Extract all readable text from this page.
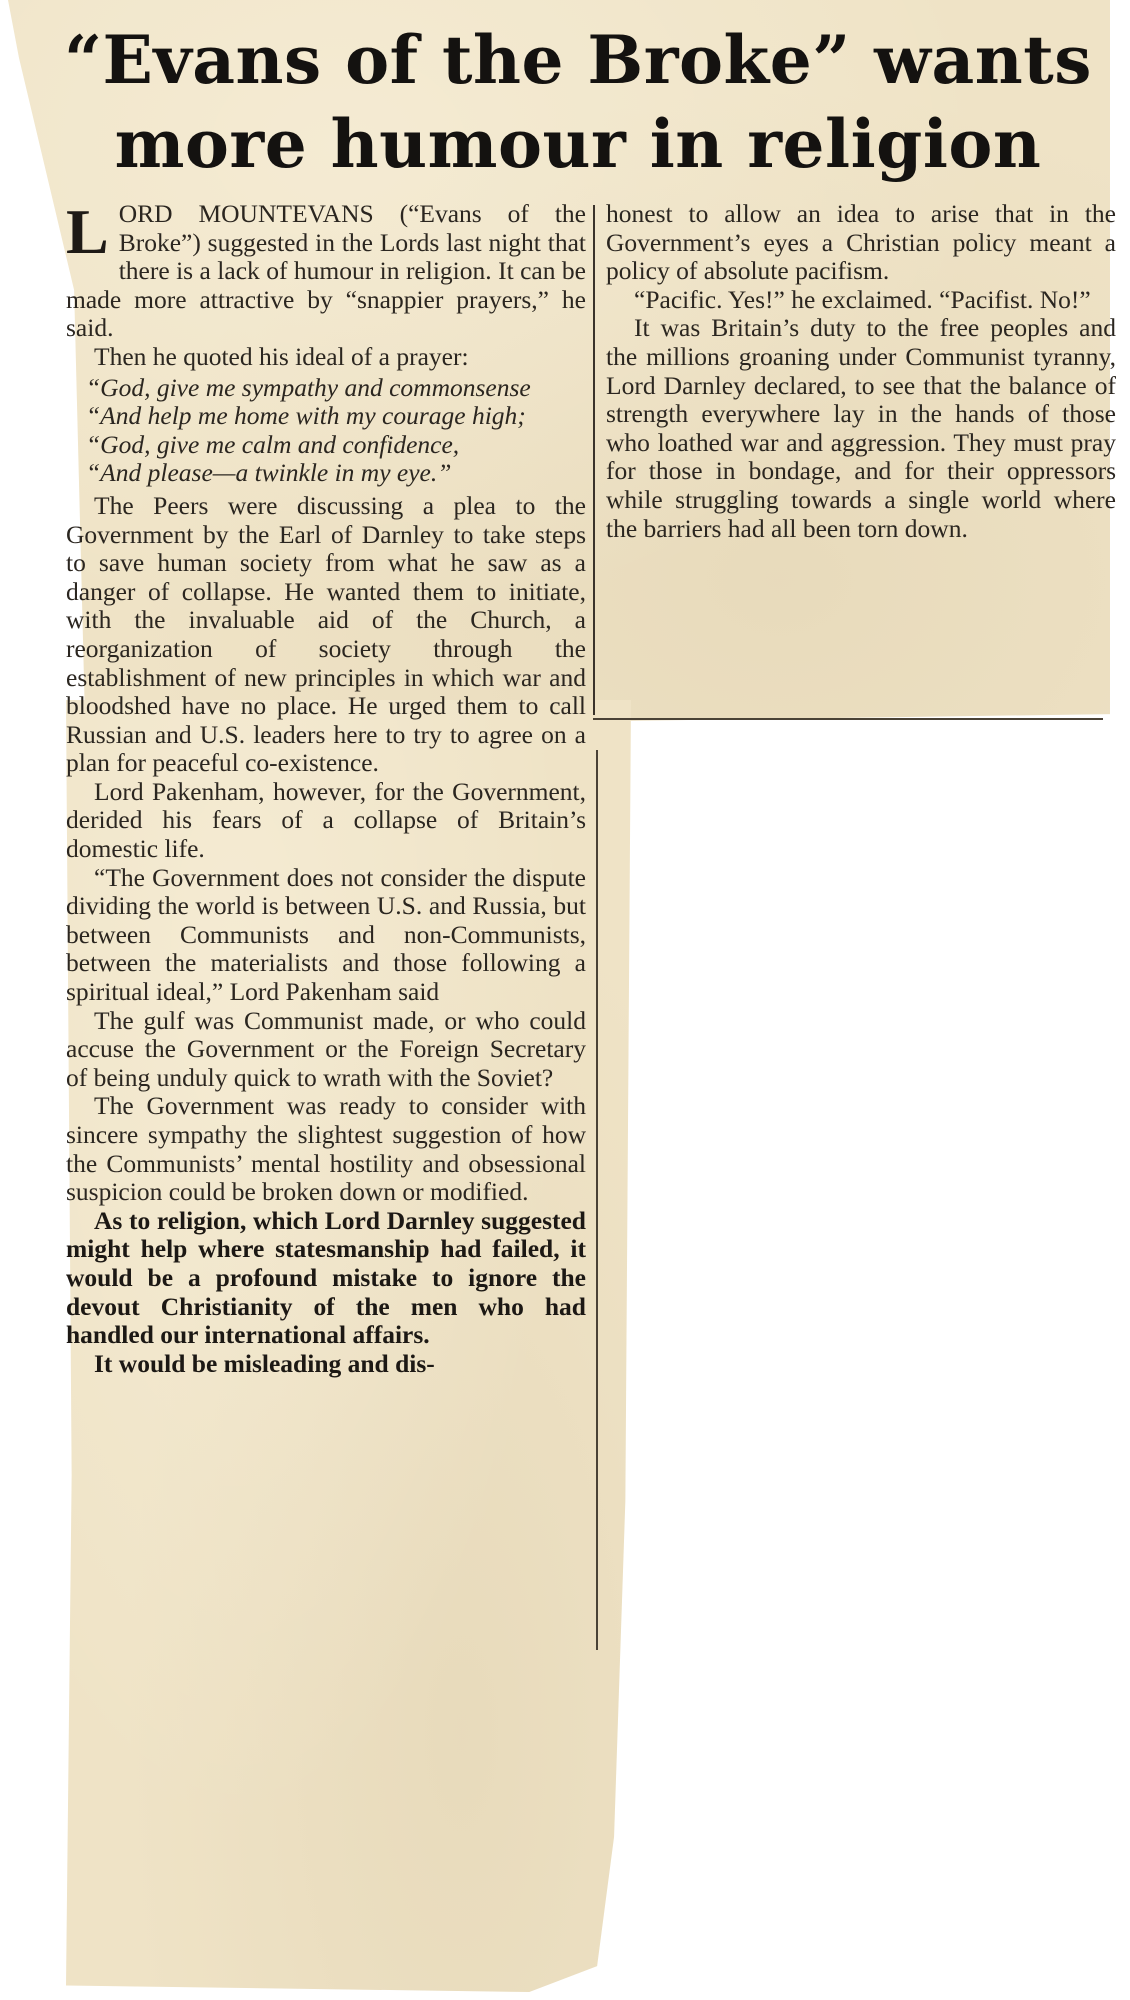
“Evans of the Broke” wants
more humour in religion

LORD MOUNTEVANS (“Evans of the Broke”) suggested in the Lords last night that there is a lack of humour in religion. It can be made more attractive by “snappier prayers,” he said.

Then he quoted his ideal of a prayer:

“God, give me sympathy and commonsense
“And help me home with my courage high;
“God, give me calm and confidence,
“And please—a twinkle in my eye.”

The Peers were discussing a plea to the Government by the Earl of Darnley to take steps to save human society from what he saw as a danger of collapse. He wanted them to initiate, with the invaluable aid of the Church, a reorganization of society through the establishment of new principles in which war and bloodshed have no place. He urged them to call Russian and U.S. leaders here to try to agree on a plan for peaceful co-existence.

Lord Pakenham, however, for the Government, derided his fears of a collapse of Britain’s domestic life.

“The Government does not consider the dispute dividing the world is between U.S. and Russia, but between Communists and non-Communists, between the materialists and those following a spiritual ideal,” Lord Pakenham said

The gulf was Communist made, or who could accuse the Government or the Foreign Secretary of being unduly quick to wrath with the Soviet?

The Government was ready to consider with sincere sympathy the slightest suggestion of how the Communists’ mental hostility and obsessional suspicion could be broken down or modified.

As to religion, which Lord Darnley suggested might help where statesmanship had failed, it would be a profound mistake to ignore the devout Christianity of the men who had handled our international affairs.

It would be misleading and dis-

honest to allow an idea to arise that in the Government’s eyes a Christian policy meant a policy of absolute pacifism.

“Pacific. Yes!” he exclaimed. “Pacifist. No!”

It was Britain’s duty to the free peoples and the millions groaning under Communist tyranny, Lord Darnley declared, to see that the balance of strength everywhere lay in the hands of those who loathed war and aggression. They must pray for those in bondage, and for their oppressors while struggling towards a single world where the barriers had all been torn down.
